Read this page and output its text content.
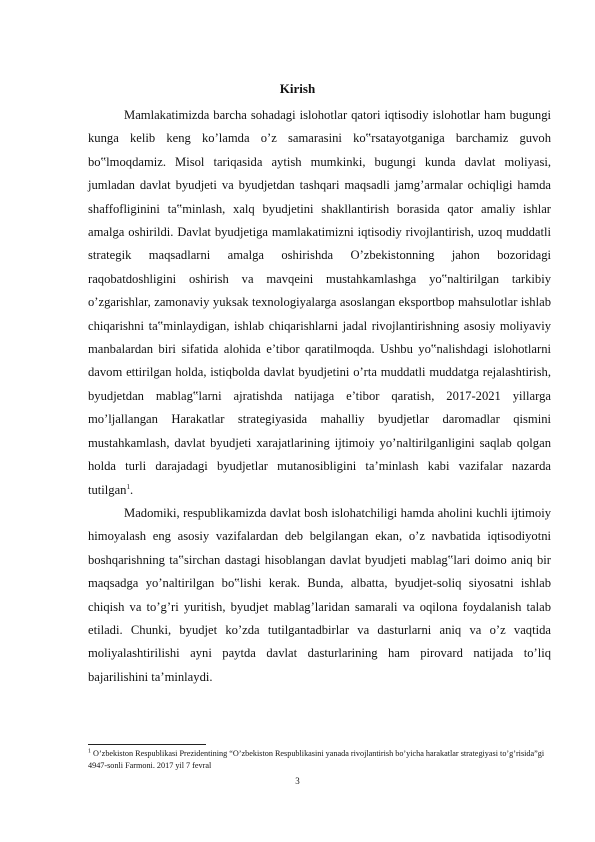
Kirish

Mamlakatimizda barcha sohadagi islohotlar qatori iqtisodiy islohotlar ham bugungi kunga kelib keng ko’lamda o’z samarasini ko‟rsatayotganiga barchamiz guvoh bo‟lmoqdamiz. Misol tariqasida aytish mumkinki, bugungi kunda davlat moliyasi, jumladan davlat byudjeti va byudjetdan tashqari maqsadli jamg’armalar ochiqligi hamda shaffofliginini ta‟minlash, xalq byudjetini shakllantirish borasida qator amaliy ishlar amalga oshirildi. Davlat byudjetiga mamlakatimizni iqtisodiy rivojlantirish, uzoq muddatli strategik maqsadlarni amalga oshirishda O’zbekistonning jahon bozoridagi raqobatdoshligini oshirish va mavqeini mustahkamlashga yo‟naltirilgan tarkibiy o’zgarishlar, zamonaviy yuksak texnologiyalarga asoslangan eksportbop mahsulotlar ishlab chiqarishni ta‟minlaydigan, ishlab chiqarishlarni jadal rivojlantirishning asosiy moliyaviy manbalardan biri sifatida alohida e’tibor qaratilmoqda. Ushbu yo‟nalishdagi islohotlarni davom ettirilgan holda, istiqbolda davlat byudjetini o’rta muddatli muddatga rejalashtirish, byudjetdan mablag‟larni ajratishda natijaga e’tibor qaratish, 2017-2021 yillarga mo’ljallangan Harakatlar strategiyasida mahalliy byudjetlar daromadlar qismini mustahkamlash, davlat byudjeti xarajatlarining ijtimoiy yo’naltirilganligini saqlab qolgan holda turli darajadagi byudjetlar mutanosibligini ta’minlash kabi vazifalar nazarda tutilgan$^1$.

Madomiki, respublikamizda davlat bosh islohatchiligi hamda aholini kuchli ijtimoiy himoyalash eng asosiy vazifalardan deb belgilangan ekan, o’z navbatida iqtisodiyotni boshqarishning ta‟sirchan dastagi hisoblangan davlat byudjeti mablag‟lari doimo aniq bir maqsadga yo’naltirilgan bo‟lishi kerak. Bunda, albatta, byudjet-soliq siyosatni ishlab chiqish va to’g’ri yuritish, byudjet mablag’laridan samarali va oqilona foydalanish talab etiladi. Chunki, byudjet ko’zda tutilgantadbirlar va dasturlarni aniq va o’z vaqtida moliyalashtirilishi ayni paytda davlat dasturlarining ham pirovard natijada to’liq bajarilishini ta’minlaydi.

$^1$ O’zbekiston Respublikasi Prezidentining “O’zbekiston Respublikasini yanada rivojlantirish bo’yicha harakatlar strategiyasi to’g’risida”gi 4947-sonli Farmoni. 2017 yil 7 fevral
3
